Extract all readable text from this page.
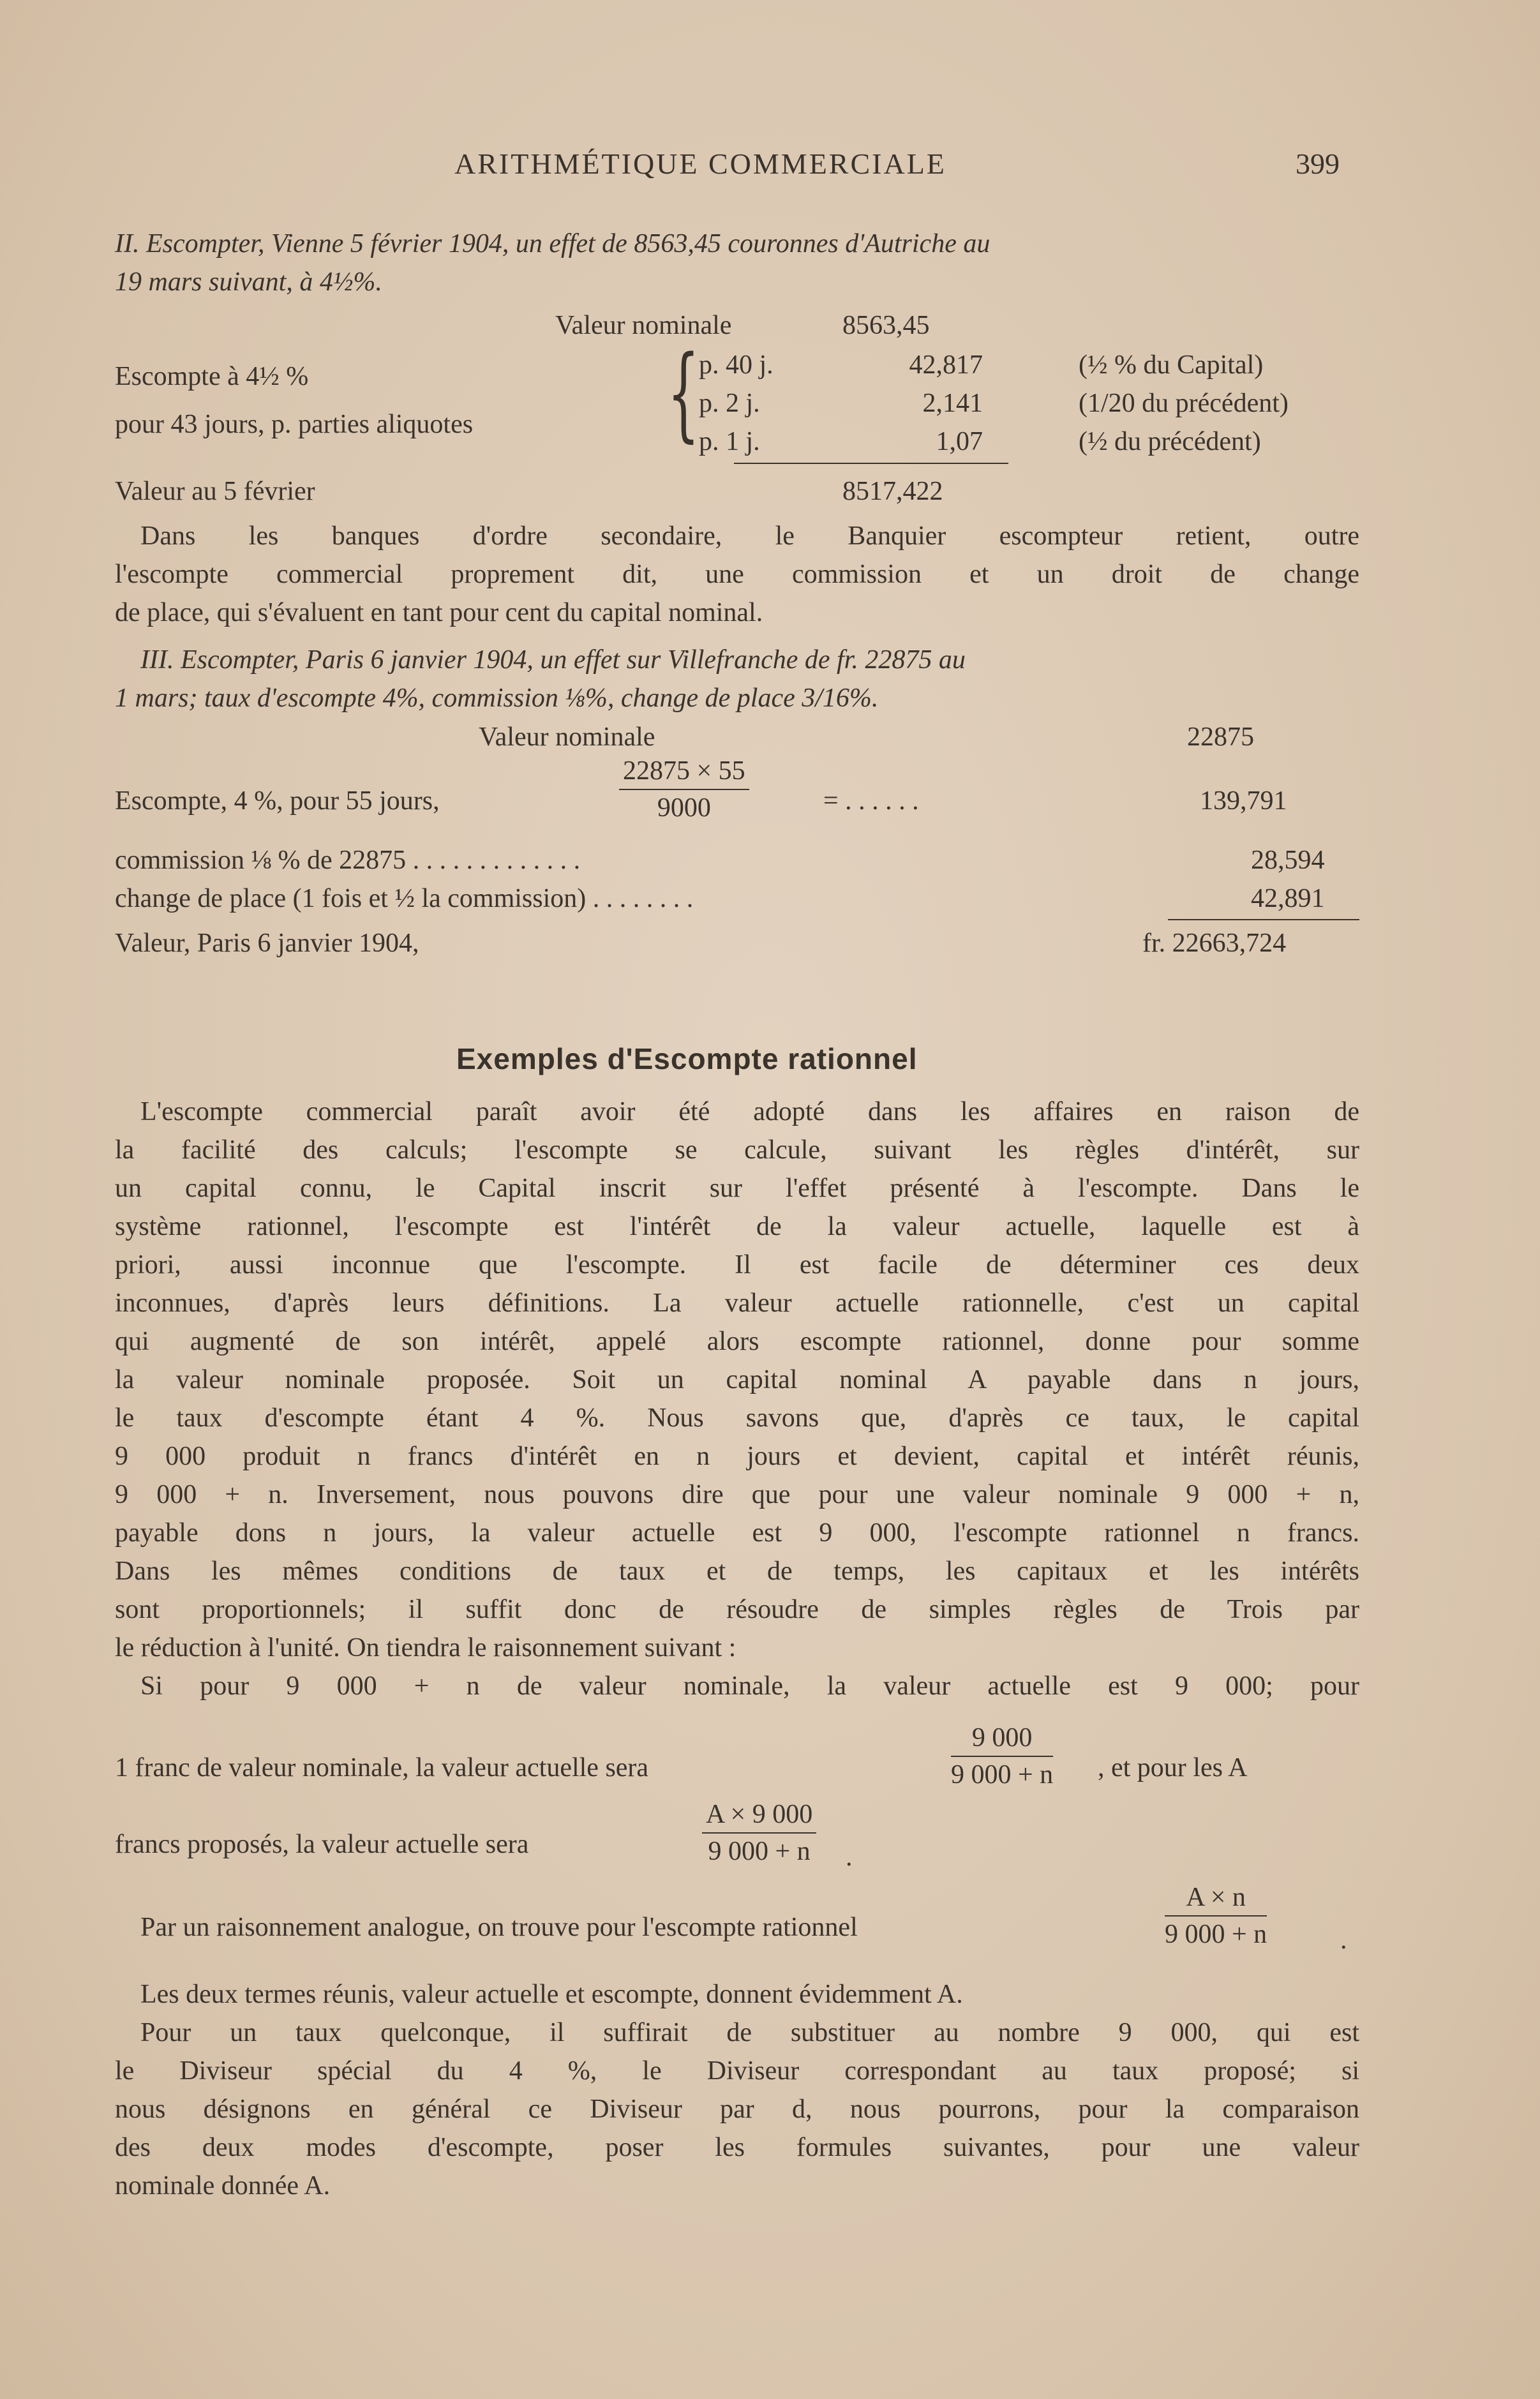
ARITHMÉTIQUE COMMERCIALE	399
II. Escompter, Vienne 5 février 1904, un effet de 8563,45 couronnes d'Autriche au
19 mars suivant, à 4½%.
Valeur nominale	8563,45
Escompte à 4½ %
pour 43 jours, p. parties aliquotes {
p. 40 j.	42,817	(½ % du Capital)
p. 2 j.	2,141	(1/20 du précédent)
p. 1 j.	1,07	(½ du précédent)
Valeur au 5 février	8517,422
Dans les banques d'ordre secondaire, le Banquier escompteur retient, outre
l'escompte commercial proprement dit, une commission et un droit de change
de place, qui s'évaluent en tant pour cent du capital nominal.
III. Escompter, Paris 6 janvier 1904, un effet sur Villefranche de fr. 22875 au
1 mars; taux d'escompte 4%, commission ⅛%, change de place 3/16%.
Valeur nominale	22875
Escompte, 4 %, pour 55 jours,	$\frac{22875 \times 55}{9000}$	= . . . . . .	139,791
commission ⅛ % de 22875 . . . . . . . . . . . . .	28,594
change de place (1 fois et ½ la commission) . . . . . . . .	42,891
Valeur, Paris 6 janvier 1904,	fr. 22663,724
Exemples d'Escompte rationnel
L'escompte commercial paraît avoir été adopté dans les affaires en raison de
la facilité des calculs; l'escompte se calcule, suivant les règles d'intérêt, sur
un capital connu, le Capital inscrit sur l'effet présenté à l'escompte. Dans le
système rationnel, l'escompte est l'intérêt de la valeur actuelle, laquelle est à
priori, aussi inconnue que l'escompte. Il est facile de déterminer ces deux
inconnues, d'après leurs définitions. La valeur actuelle rationnelle, c'est un capital
qui augmenté de son intérêt, appelé alors escompte rationnel, donne pour somme
la valeur nominale proposée. Soit un capital nominal A payable dans n jours,
le taux d'escompte étant 4 %. Nous savons que, d'après ce taux, le capital
9 000 produit n francs d'intérêt en n jours et devient, capital et intérêt réunis,
9 000 + n. Inversement, nous pouvons dire que pour une valeur nominale 9 000 + n,
payable dons n jours, la valeur actuelle est 9 000, l'escompte rationnel n francs.
Dans les mêmes conditions de taux et de temps, les capitaux et les intérêts
sont proportionnels; il suffit donc de résoudre de simples règles de Trois par
le réduction à l'unité. On tiendra le raisonnement suivant :
Si pour 9 000 + n de valeur nominale, la valeur actuelle est 9 000; pour
1 franc de valeur nominale, la valeur actuelle sera	$\frac{9 000}{9 000 + n}$ , et pour les A
francs proposés, la valeur actuelle sera	$\frac{A \times 9 000}{9 000 + n}$ .
Par un raisonnement analogue, on trouve pour l'escompte rationnel	$\frac{A \times n}{9 000 + n}$	.
Les deux termes réunis, valeur actuelle et escompte, donnent évidemment A.
Pour un taux quelconque, il suffirait de substituer au nombre 9 000, qui est
le Diviseur spécial du 4 %, le Diviseur correspondant au taux proposé; si
nous désignons en général ce Diviseur par d, nous pourrons, pour la comparaison
des deux modes d'escompte, poser les formules suivantes, pour une valeur
nominale donnée A.
